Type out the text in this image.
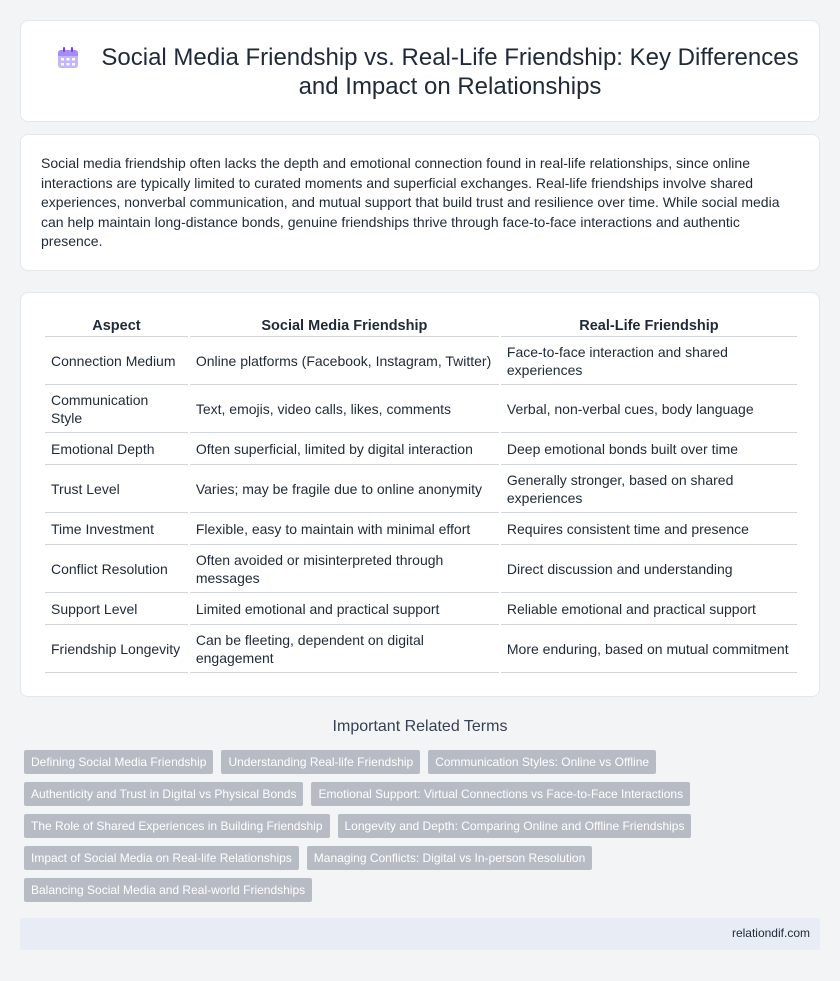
Social Media Friendship vs. Real-Life Friendship: Key Differences and Impact on Relationships

Social media friendship often lacks the depth and emotional connection found in real-life relationships, since online interactions are typically limited to curated moments and superficial exchanges. Real-life friendships involve shared experiences, nonverbal communication, and mutual support that build trust and resilience over time. While social media can help maintain long-distance bonds, genuine friendships thrive through face-to-face interactions and authentic presence.

Aspect	Social Media Friendship	Real-Life Friendship
Connection Medium	Online platforms (Facebook, Instagram, Twitter)	Face-to-face interaction and shared experiences
Communication Style	Text, emojis, video calls, likes, comments	Verbal, non-verbal cues, body language
Emotional Depth	Often superficial, limited by digital interaction	Deep emotional bonds built over time
Trust Level	Varies; may be fragile due to online anonymity	Generally stronger, based on shared experiences
Time Investment	Flexible, easy to maintain with minimal effort	Requires consistent time and presence
Conflict Resolution	Often avoided or misinterpreted through messages	Direct discussion and understanding
Support Level	Limited emotional and practical support	Reliable emotional and practical support
Friendship Longevity	Can be fleeting, dependent on digital engagement	More enduring, based on mutual commitment
Important Related Terms
Defining Social Media Friendship	Understanding Real-life Friendship	Communication Styles: Online vs Offline
Authenticity and Trust in Digital vs Physical Bonds	Emotional Support: Virtual Connections vs Face-to-Face Interactions
The Role of Shared Experiences in Building Friendship	Longevity and Depth: Comparing Online and Offline Friendships
Impact of Social Media on Real-life Relationships	Managing Conflicts: Digital vs In-person Resolution
Balancing Social Media and Real-world Friendships
relationdif.com
